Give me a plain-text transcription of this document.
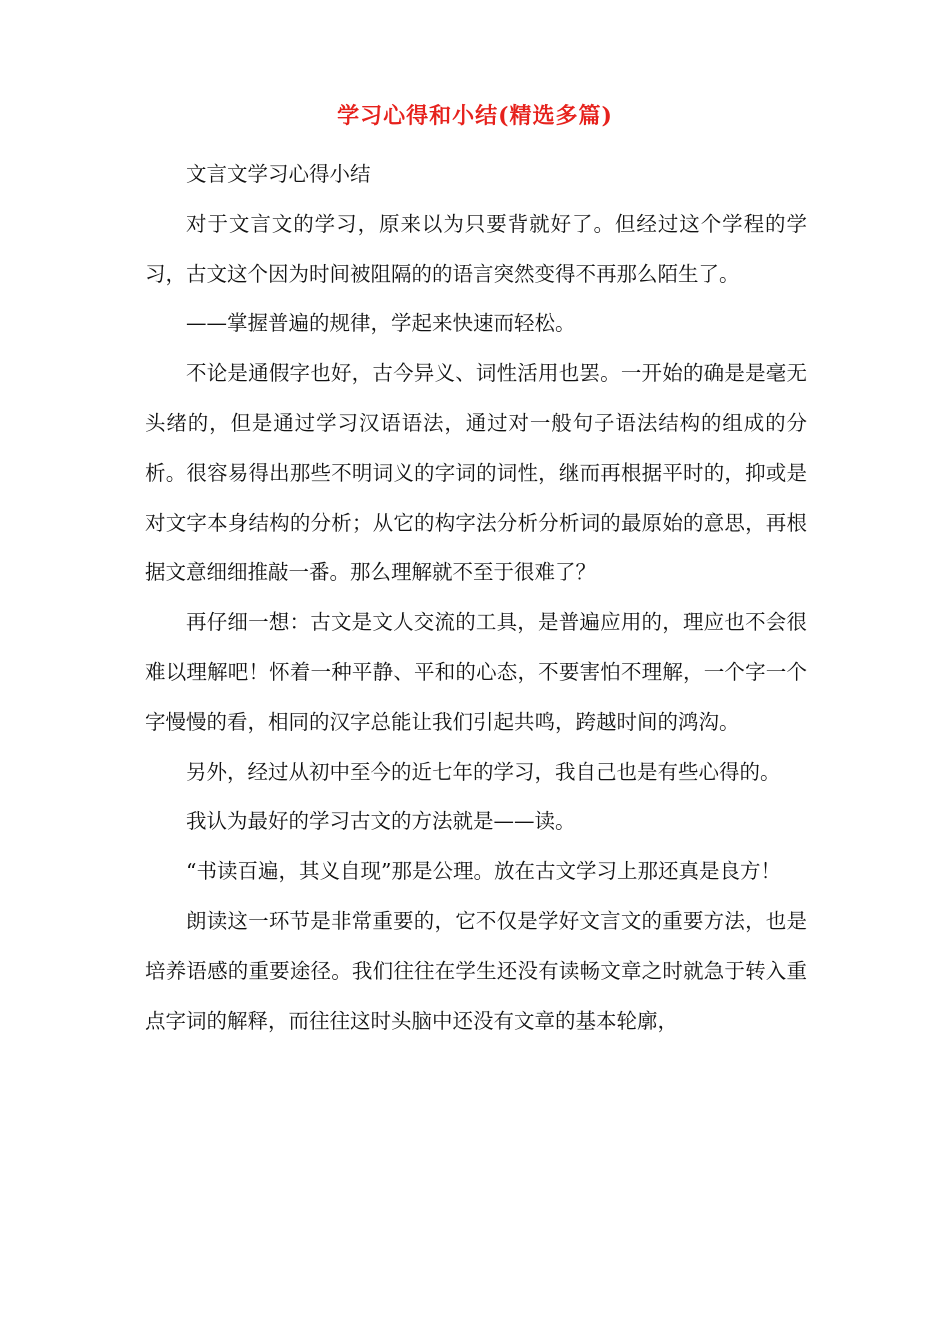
学习心得和小结(精选多篇)

文言文学习心得小结

对于文言文的学习，原来以为只要背就好了。但经过这个学程的学习，古文这个因为时间被阻隔的的语言突然变得不再那么陌生了。

——掌握普遍的规律，学起来快速而轻松。

不论是通假字也好，古今异义、词性活用也罢。一开始的确是是毫无头绪的，但是通过学习汉语语法，通过对一般句子语法结构的组成的分析。很容易得出那些不明词义的字词的词性，继而再根据平时的，抑或是对文字本身结构的分析；从它的构字法分析分析词的最原始的意思，再根据文意细细推敲一番。那么理解就不至于很难了？

再仔细一想：古文是文人交流的工具，是普遍应用的，理应也不会很难以理解吧！怀着一种平静、平和的心态，不要害怕不理解，一个字一个字慢慢的看，相同的汉字总能让我们引起共鸣，跨越时间的鸿沟。

另外，经过从初中至今的近七年的学习，我自己也是有些心得的。

我认为最好的学习古文的方法就是——读。

“书读百遍，其义自现”那是公理。放在古文学习上那还真是良方！

朗读这一环节是非常重要的，它不仅是学好文言文的重要方法，也是培养语感的重要途径。我们往往在学生还没有读畅文章之时就急于转入重点字词的解释，而往往这时头脑中还没有文章的基本轮廓，
